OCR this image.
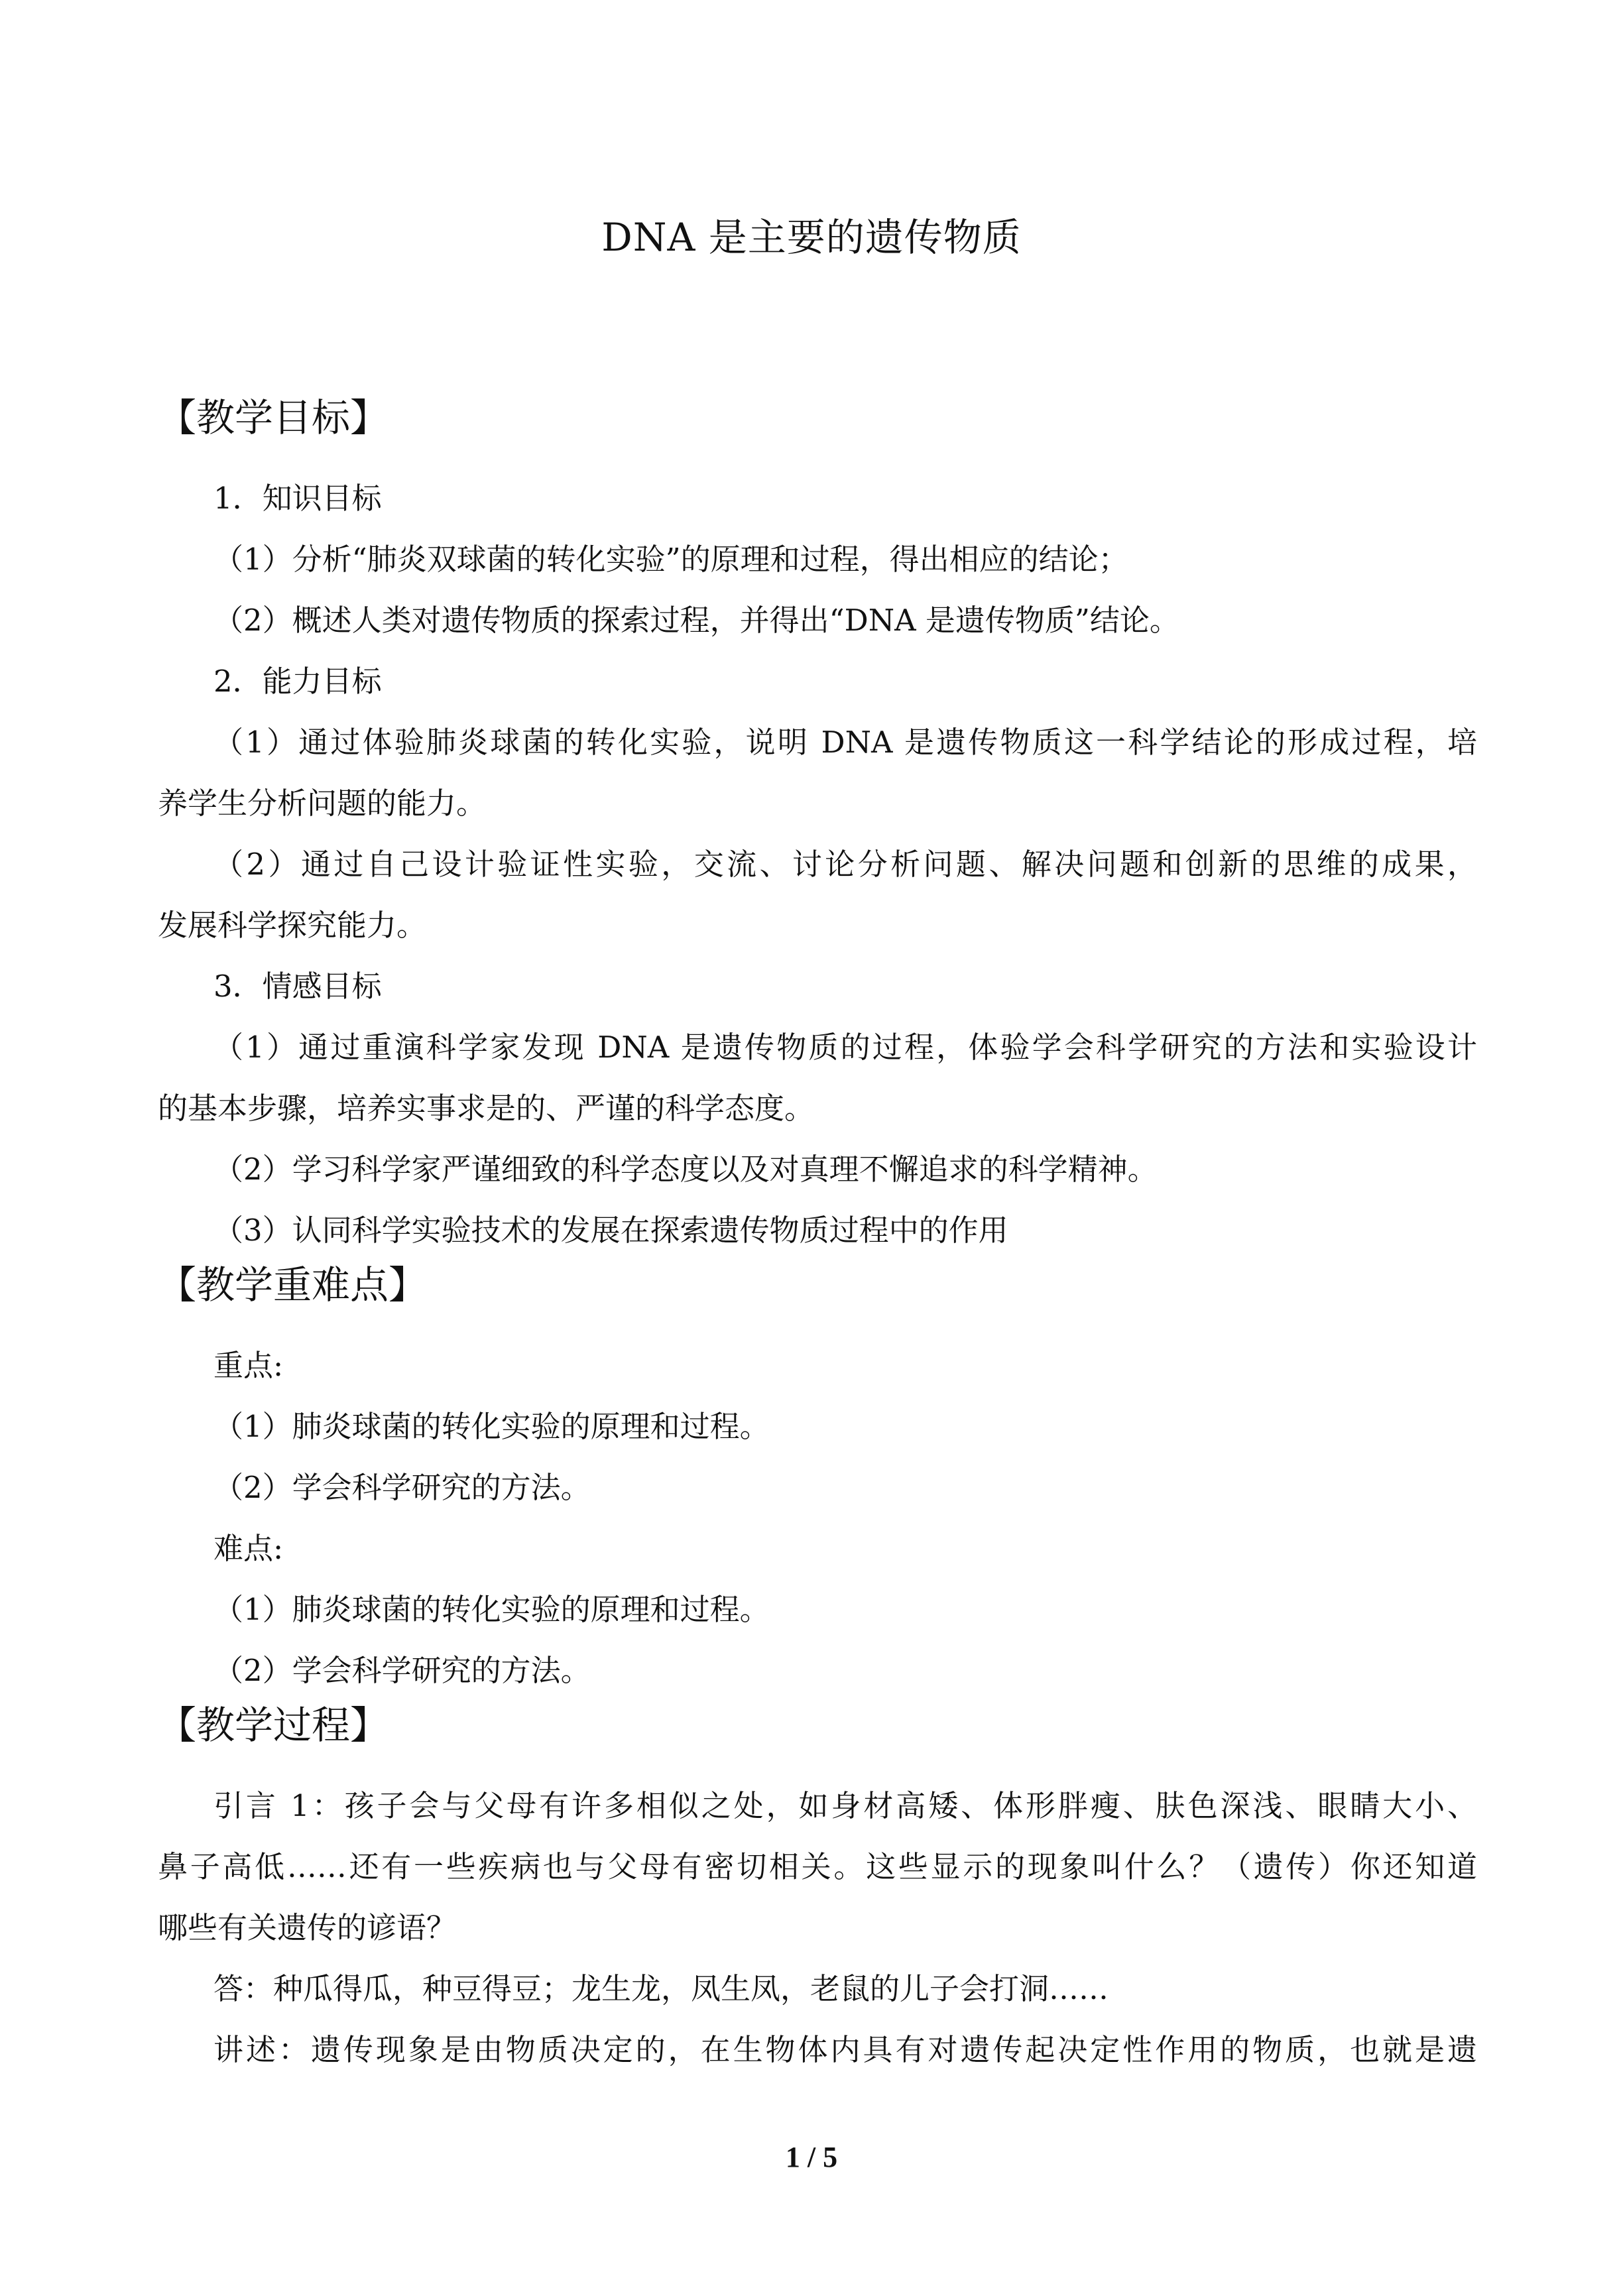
DNA 是主要的遗传物质
【教学目标】
1．知识目标
（1）分析“肺炎双球菌的转化实验”的原理和过程，得出相应的结论；
（2）概述人类对遗传物质的探索过程，并得出“DNA 是遗传物质”结论。
2．能力目标
（1）通过体验肺炎球菌的转化实验，说明 DNA 是遗传物质这一科学结论的形成过程，培
养学生分析问题的能力。
（2）通过自己设计验证性实验，交流、讨论分析问题、解决问题和创新的思维的成果，
发展科学探究能力。
3．情感目标
（1）通过重演科学家发现 DNA 是遗传物质的过程，体验学会科学研究的方法和实验设计
的基本步骤，培养实事求是的、严谨的科学态度。
（2）学习科学家严谨细致的科学态度以及对真理不懈追求的科学精神。
（3）认同科学实验技术的发展在探索遗传物质过程中的作用
【教学重难点】
重点:
（1）肺炎球菌的转化实验的原理和过程。
（2）学会科学研究的方法。
难点:
（1）肺炎球菌的转化实验的原理和过程。
（2）学会科学研究的方法。
【教学过程】
引言 1：孩子会与父母有许多相似之处，如身材高矮、体形胖瘦、肤色深浅、眼睛大小、
鼻子高低……还有一些疾病也与父母有密切相关。这些显示的现象叫什么？（遗传）你还知道
哪些有关遗传的谚语？
答：种瓜得瓜，种豆得豆；龙生龙，凤生凤，老鼠的儿子会打洞……
讲述：遗传现象是由物质决定的，在生物体内具有对遗传起决定性作用的物质，也就是遗
1 / 5
